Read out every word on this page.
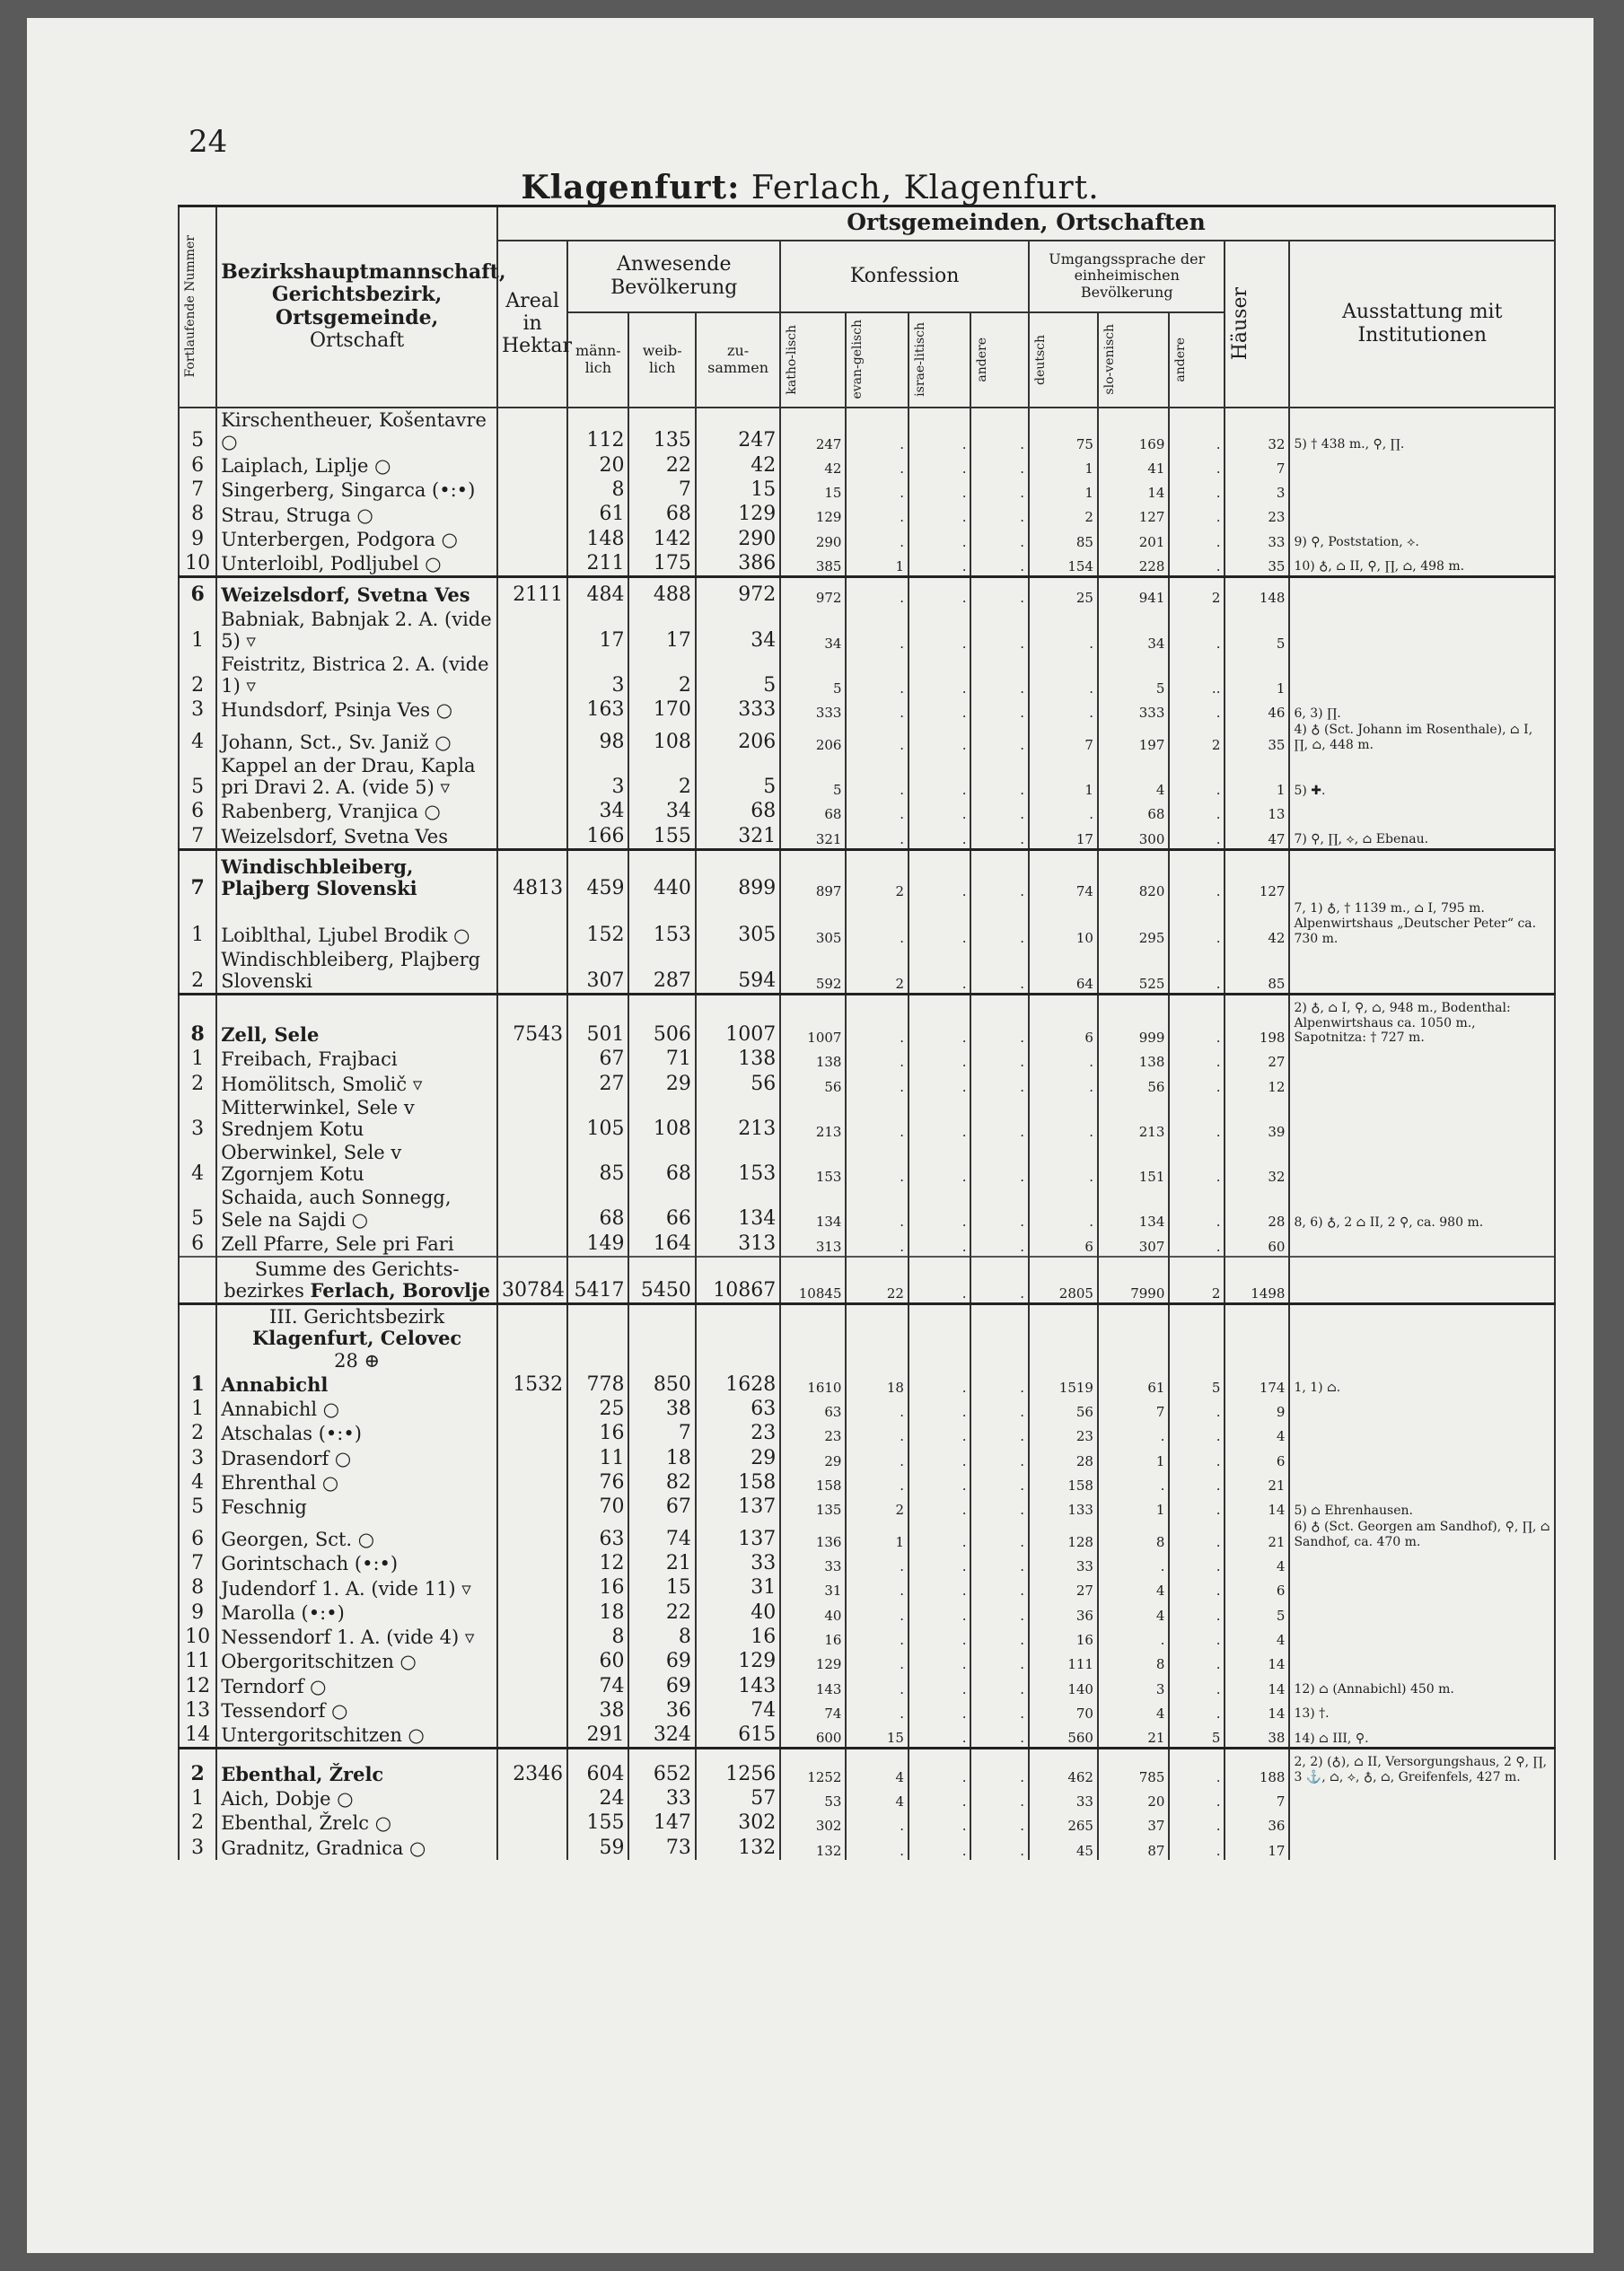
24
Klagenfurt: Ferlach, Klagenfurt.
Fortlaufende Nummer	Bezirkshauptmannschaft,
Gerichtsbezirk,
Ortsgemeinde,
Ortschaft	Ortsgemeinden, Ortschaften												
		Areal in Hektar	Anwesende Bevölkerung			Konfession				Umgangssprache der einheimischen Bevölkerung			Häuser	Ausstattung mit Institutionen
			männ-lich	weib-lich	zu-sammen	katho-lisch	evan-gelisch	israe-litisch	andere	deutsch	slo-venisch	andere		

5	Kirschentheuer, Košentavre ○		112	135	247	247	.	.	.	75	169	.	32	5) † 438 m., ⚲, ∏.
6	Laiplach, Liplje ○		20	22	42	42	.	.	.	1	41	.	7	
7	Singerberg, Singarca (•:•)		8	7	15	15	.	.	.	1	14	.	3	
8	Strau, Struga ○		61	68	129	129	.	.	.	2	127	.	23	
9	Unterbergen, Podgora ○		148	142	290	290	.	.	.	85	201	.	33	9) ⚲, Poststation, ⟡.
10	Unterloibl, Podljubel ○		211	175	386	385	1	.	.	154	228	.	35	10) ♁, ⌂ II, ⚲, ∏, ⌂, 498 m.
6	Weizelsdorf, Svetna Ves	2111	484	488	972	972	.	.	.	25	941	2	148	
1	Babniak, Babnjak 2. A. (vide 5) ▿		17	17	34	34	.	.	.	.	34	.	5	
2	Feistritz, Bistrica 2. A. (vide 1) ▿		3	2	5	5	.	.	.	.	5	..	1	
3	Hundsdorf, Psinja Ves ○		163	170	333	333	.	.	.	.	333	.	46	6, 3) ∏.
4	Johann, Sct., Sv. Janiž ○		98	108	206	206	.	.	.	7	197	2	35	4) ♁ (Sct. Johann im Rosenthale), ⌂ I, ∏, ⌂, 448 m.
5	Kappel an der Drau, Kapla pri Dravi 2. A. (vide 5) ▿		3	2	5	5	.	.	.	1	4	.	1	5) ✚.
6	Rabenberg, Vranjica ○		34	34	68	68	.	.	.	.	68	.	13	
7	Weizelsdorf, Svetna Ves		166	155	321	321	.	.	.	17	300	.	47	7) ⚲, ∏, ⟡, ⌂ Ebenau.
7	Windischbleiberg, Plajberg Slovenski	4813	459	440	899	897	2	.	.	74	820	.	127	
1	Loiblthal, Ljubel Brodik ○		152	153	305	305	.	.	.	10	295	.	42	7, 1) ♁, † 1139 m., ⌂ I, 795 m. Alpenwirtshaus „Deutscher Peter“ ca. 730 m.
2	Windischbleiberg, Plajberg Slovenski		307	287	594	592	2	.	.	64	525	.	85	
8	Zell, Sele	7543	501	506	1007	1007	.	.	.	6	999	.	198	2) ♁, ⌂ I, ⚲, ⌂, 948 m., Bodenthal: Alpenwirtshaus ca. 1050 m., Sapotnitza: † 727 m.
1	Freibach, Frajbaci		67	71	138	138	.	.	.	.	138	.	27	
2	Homölitsch, Smolič ▿		27	29	56	56	.	.	.	.	56	.	12	
3	Mitterwinkel, Sele v Srednjem Kotu		105	108	213	213	.	.	.	.	213	.	39	
4	Oberwinkel, Sele v Zgornjem Kotu		85	68	153	153	.	.	.	.	151	.	32	
5	Schaida, auch Sonnegg, Sele na Sajdi ○		68	66	134	134	.	.	.	.	134	.	28	8, 6) ♁, 2 ⌂ II, 2 ⚲, ca. 980 m.
6	Zell Pfarre, Sele pri Fari		149	164	313	313	.	.	.	6	307	.	60	
	Summe des Gerichts-
bezirkes Ferlach, Borovlje	30784	5417	5450	10867	10845	22	.	.	2805	7990	2	1498	

	III. Gerichtsbezirk
Klagenfurt, Celovec
28 ⊕													

1	Annabichl	1532	778	850	1628	1610	18	.	.	1519	61	5	174	1, 1) ⌂.
1	Annabichl ○		25	38	63	63	.	.	.	56	7	.	9	
2	Atschalas (•:•)		16	7	23	23	.	.	.	23	.	.	4	
3	Drasendorf ○		11	18	29	29	.	.	.	28	1	.	6	
4	Ehrenthal ○		76	82	158	158	.	.	.	158	.	.	21	
5	Feschnig		70	67	137	135	2	.	.	133	1	.	14	5) ⌂ Ehrenhausen.
6	Georgen, Sct. ○		63	74	137	136	1	.	.	128	8	.	21	6) ♁ (Sct. Georgen am Sandhof), ⚲, ∏, ⌂ Sandhof, ca. 470 m.
7	Gorintschach (•:•)		12	21	33	33	.	.	.	33	.	.	4	
8	Judendorf 1. A. (vide 11) ▿		16	15	31	31	.	.	.	27	4	.	6	
9	Marolla (•:•)		18	22	40	40	.	.	.	36	4	.	5	
10	Nessendorf 1. A. (vide 4) ▿		8	8	16	16	.	.	.	16	.	.	4	
11	Obergoritschitzen ○		60	69	129	129	.	.	.	111	8	.	14	
12	Terndorf ○		74	69	143	143	.	.	.	140	3	.	14	12) ⌂ (Annabichl) 450 m.
13	Tessendorf ○		38	36	74	74	.	.	.	70	4	.	14	13) †.
14	Untergoritschitzen ○		291	324	615	600	15	.	.	560	21	5	38	14) ⌂ III, ⚲.
2	Ebenthal, Žrelc	2346	604	652	1256	1252	4	.	.	462	785	.	188	2, 2) (♁), ⌂ II, Versorgungshaus, 2 ⚲, ∏, 3 ⚓, ⌂, ⟡, ♁, ⌂, Greifenfels, 427 m.
1	Aich, Dobje ○		24	33	57	53	4	.	.	33	20	.	7	
2	Ebenthal, Žrelc ○		155	147	302	302	.	.	.	265	37	.	36	
3	Gradnitz, Gradnica ○		59	73	132	132	.	.	.	45	87	.	17	
